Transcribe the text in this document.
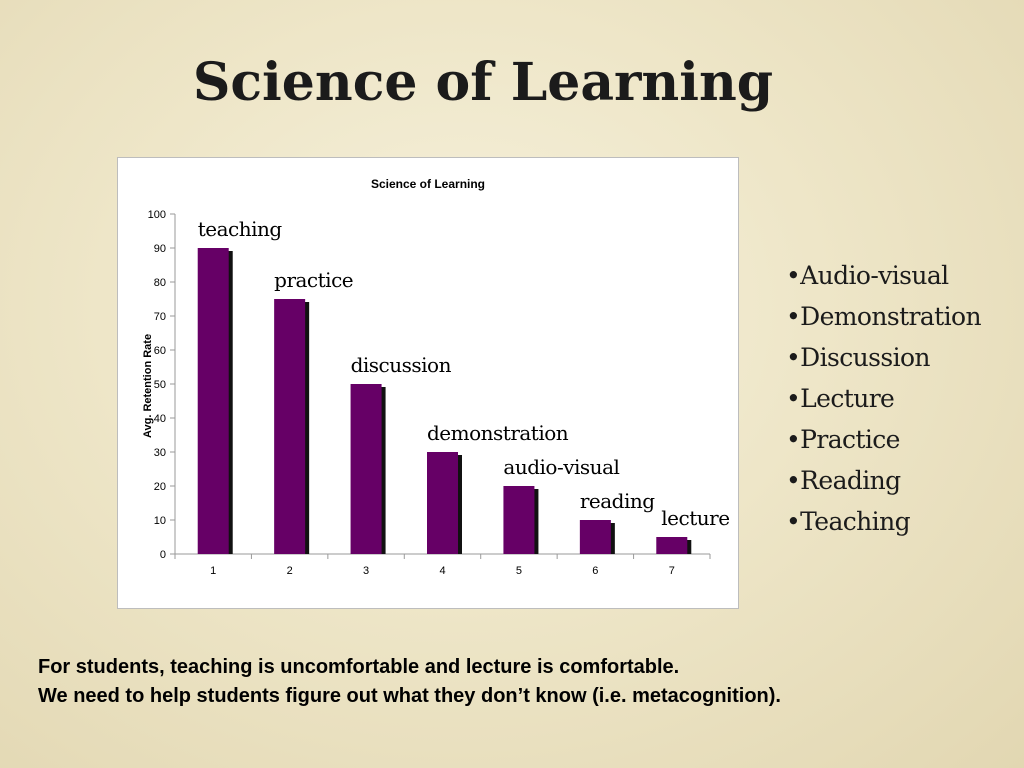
Science of Learning
Science of Learning
Avg. Retention Rate
0
10
20
30
40
50
60
70
80
90
100
1	2	3	4	5	6	7
teaching
practice
discussion
demonstration
audio-visual
reading
lecture
•Audio-visual
•Demonstration
•Discussion
•Lecture
•Practice
•Reading
•Teaching
For students, teaching is uncomfortable and lecture is comfortable.
We need to help students figure out what they don’t know (i.e. metacognition).
